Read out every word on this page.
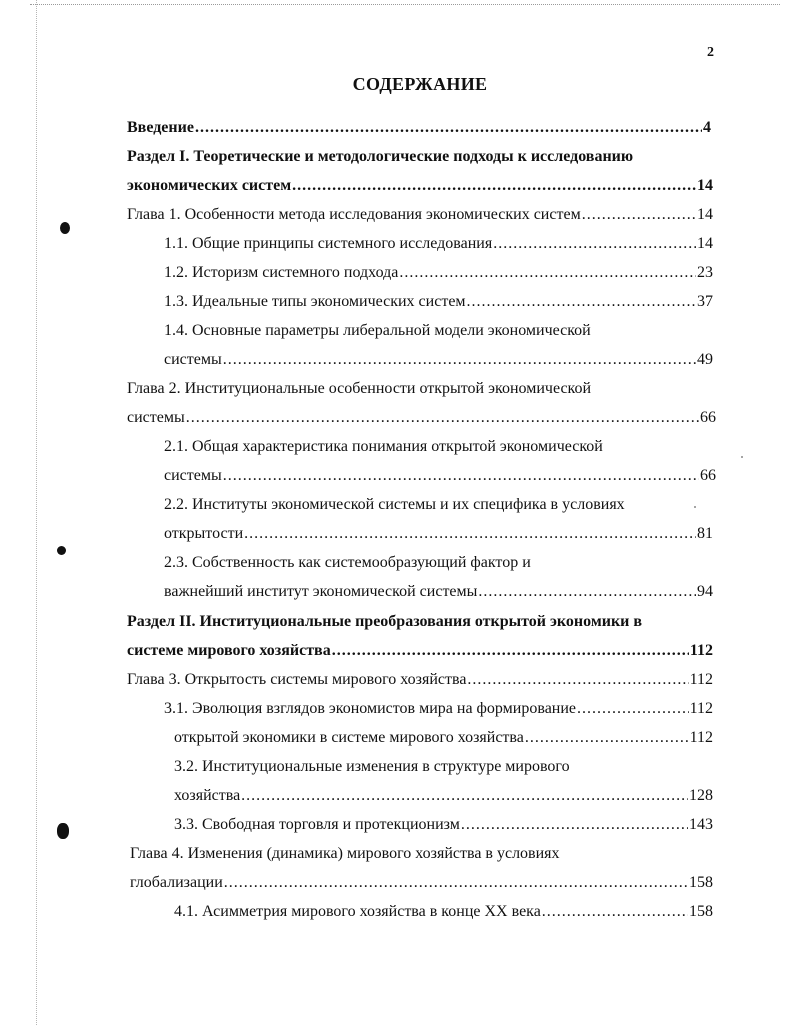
2
СОДЕРЖАНИЕ
Введение .....	4
Раздел I. Теоретические и методологические подходы к исследованию
экономических систем .....	14
Глава 1. Особенности метода исследования экономических систем .....	14
1.1. Общие принципы системного исследования .....	14
1.2. Историзм системного подхода .....	23
1.3. Идеальные типы экономических систем .....	37
1.4. Основные параметры либеральной модели экономической
системы .....	49
Глава 2. Институциональные особенности открытой экономической
системы .....	66
2.1. Общая характеристика понимания открытой экономической
системы .....	66
2.2. Институты экономической системы и их специфика в условиях
открытости .....	81
2.3. Собственность как системообразующий фактор и
важнейший институт экономической системы .....	94
Раздел II. Институциональные преобразования открытой экономики в
системе мирового хозяйства .....	112
Глава 3. Открытость системы мирового хозяйства .....	112
3.1. Эволюция взглядов экономистов мира на формирование .....	112
открытой экономики в системе мирового хозяйства .....	112
3.2. Институциональные изменения в структуре мирового
хозяйства .....	128
3.3. Свободная торговля и протекционизм .....	143
Глава 4. Изменения (динамика) мирового хозяйства в условиях
глобализации .....	158
4.1. Асимметрия мирового хозяйства в конце XX века .....	158
